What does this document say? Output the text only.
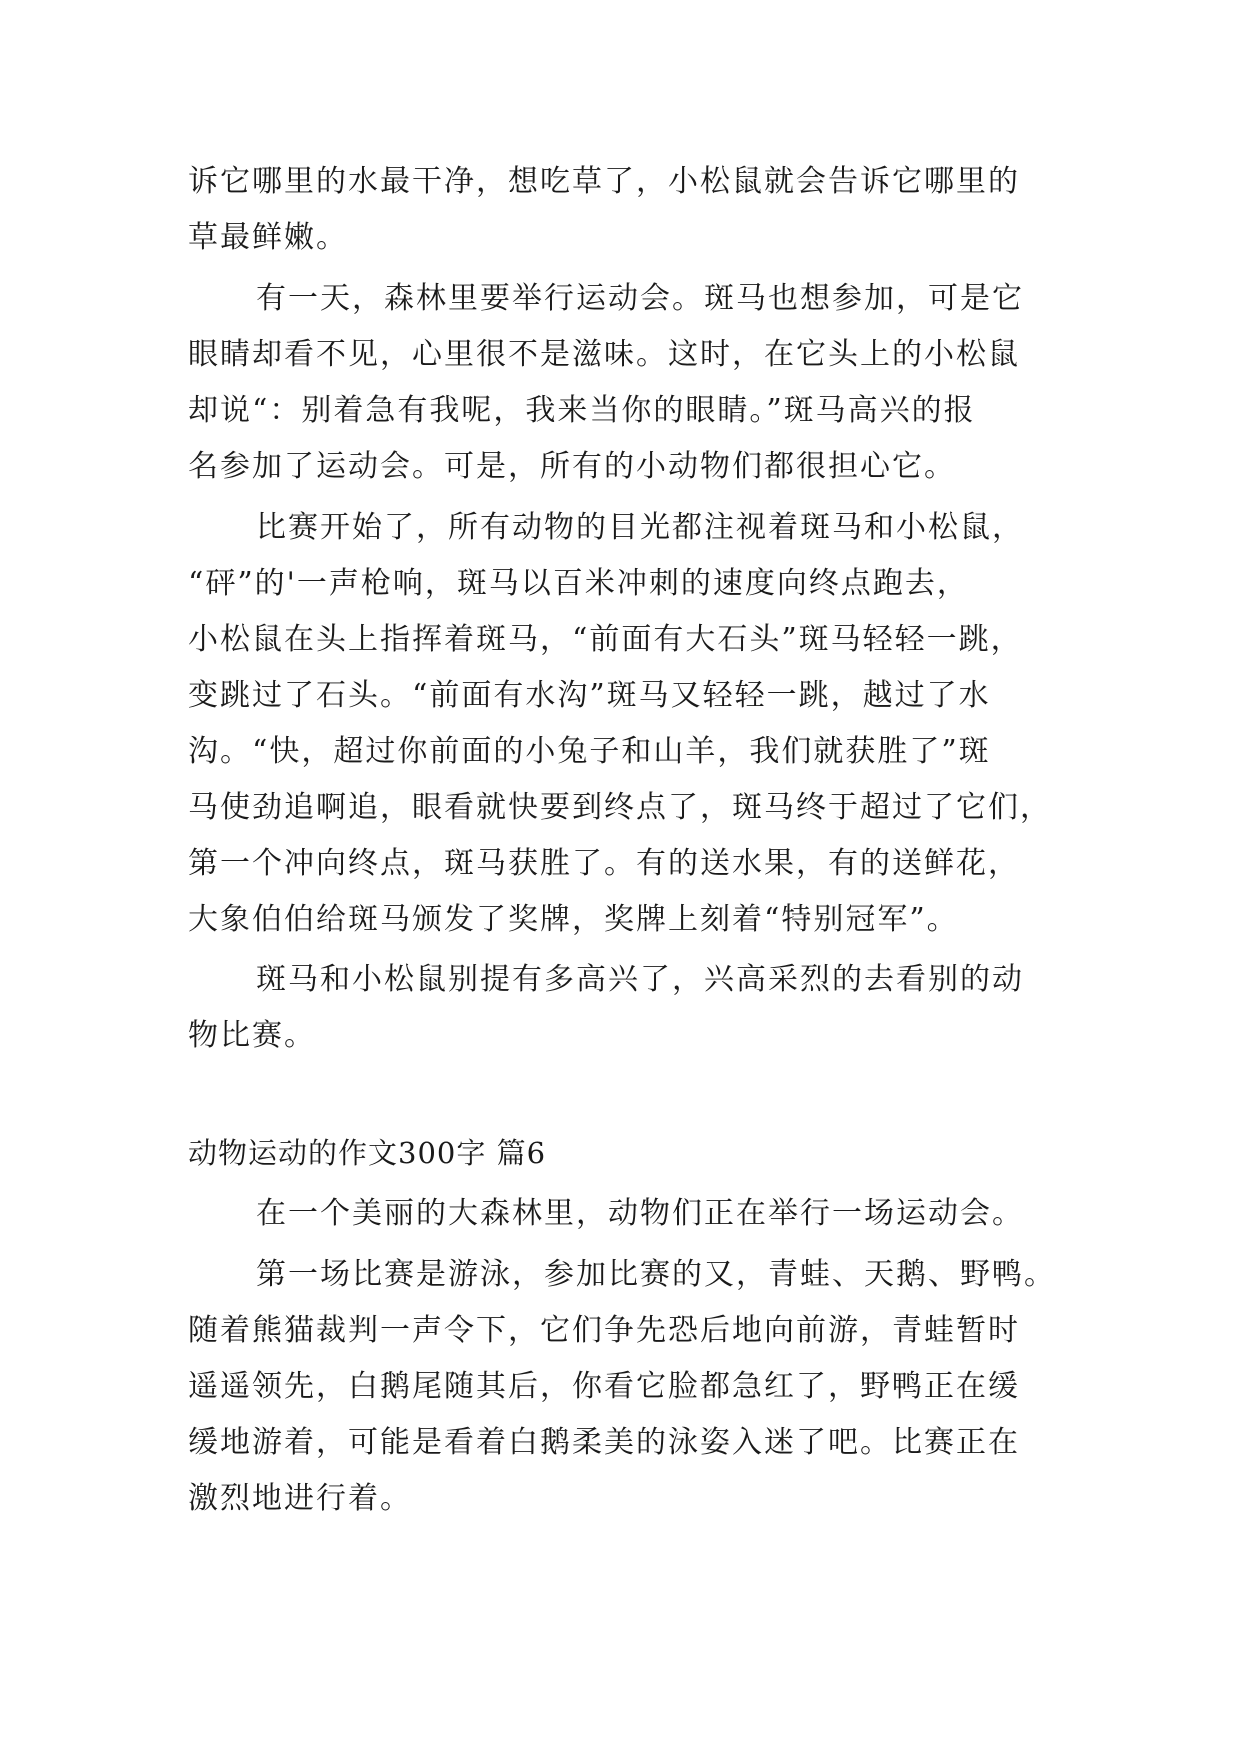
诉它哪里的水最干净，想吃草了，小松鼠就会告诉它哪里的
草最鲜嫩。
有一天，森林里要举行运动会。斑马也想参加，可是它
眼睛却看不见，心里很不是滋味。这时，在它头上的小松鼠
却说“：别着急有我呢，我来当你的眼睛。”斑马高兴的报
名参加了运动会。可是，所有的小动物们都很担心它。
比赛开始了，所有动物的目光都注视着斑马和小松鼠，
“砰”的'一声枪响，斑马以百米冲刺的速度向终点跑去，
小松鼠在头上指挥着斑马，“前面有大石头”斑马轻轻一跳，
变跳过了石头。“前面有水沟”斑马又轻轻一跳，越过了水
沟。“快，超过你前面的小兔子和山羊，我们就获胜了”斑
马使劲追啊追，眼看就快要到终点了，斑马终于超过了它们，
第一个冲向终点，斑马获胜了。有的送水果，有的送鲜花，
大象伯伯给斑马颁发了奖牌，奖牌上刻着“特别冠军”。
斑马和小松鼠别提有多高兴了，兴高采烈的去看别的动
物比赛。
动物运动的作文300字 篇6
在一个美丽的大森林里，动物们正在举行一场运动会。
第一场比赛是游泳，参加比赛的又，青蛙、天鹅、野鸭。
随着熊猫裁判一声令下，它们争先恐后地向前游，青蛙暂时
遥遥领先，白鹅尾随其后，你看它脸都急红了，野鸭正在缓
缓地游着，可能是看着白鹅柔美的泳姿入迷了吧。比赛正在
激烈地进行着。
